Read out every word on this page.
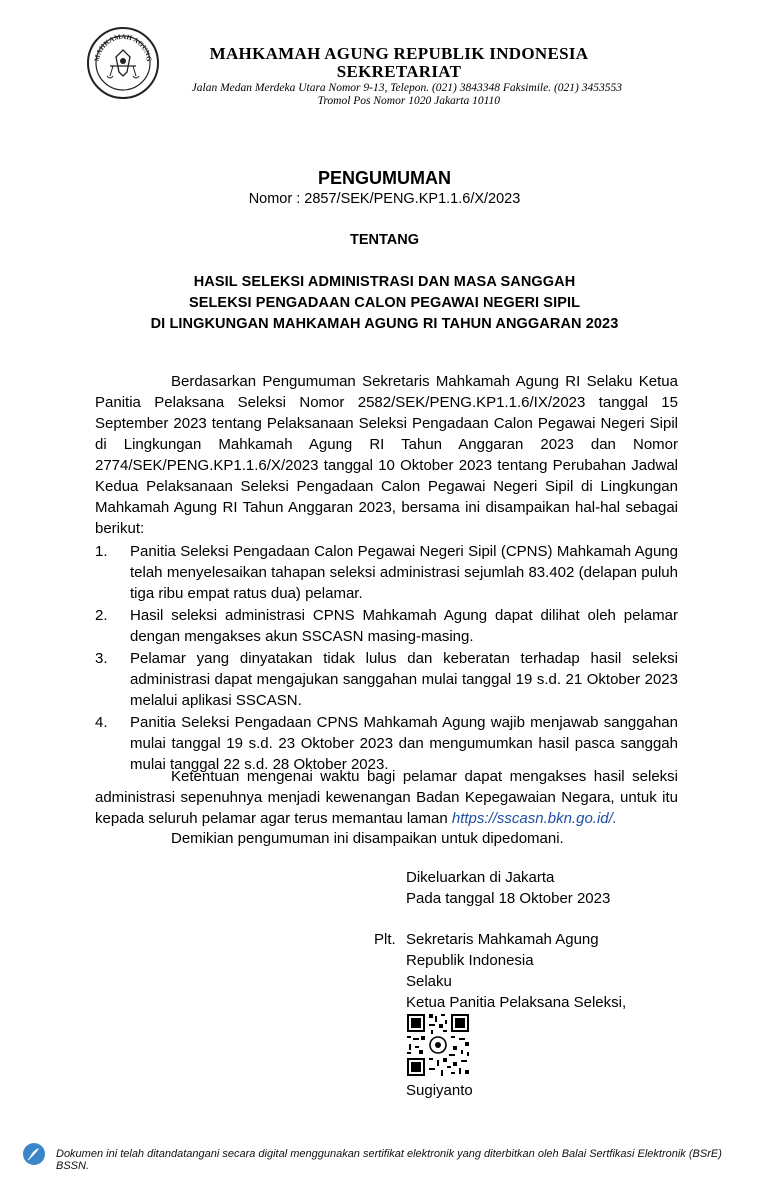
MAHKAMAH AGUNG	MAHKAMAH AGUNG REPUBLIK INDONESIA
SEKRETARIAT
Jalan Medan Merdeka Utara Nomor 9-13, Telepon. (021) 3843348 Faksimile. (021) 3453553
Tromol Pos Nomor 1020 Jakarta 10110
PENGUMUMAN
Nomor : 2857/SEK/PENG.KP1.1.6/X/2023
TENTANG
HASIL SELEKSI ADMINISTRASI DAN MASA SANGGAH
SELEKSI PENGADAAN CALON PEGAWAI NEGERI SIPIL
DI LINGKUNGAN MAHKAMAH AGUNG RI TAHUN ANGGARAN 2023
Berdasarkan Pengumuman Sekretaris Mahkamah Agung RI Selaku Ketua Panitia Pelaksana Seleksi Nomor 2582/SEK/PENG.KP1.1.6/IX/2023 tanggal 15 September 2023 tentang Pelaksanaan Seleksi Pengadaan Calon Pegawai Negeri Sipil di Lingkungan Mahkamah Agung RI Tahun Anggaran 2023 dan Nomor 2774/SEK/PENG.KP1.1.6/X/2023 tanggal 10 Oktober 2023 tentang Perubahan Jadwal Kedua Pelaksanaan Seleksi Pengadaan Calon Pegawai Negeri Sipil di Lingkungan Mahkamah Agung RI Tahun Anggaran 2023, bersama ini disampaikan hal-hal sebagai berikut:
1. Panitia Seleksi Pengadaan Calon Pegawai Negeri Sipil (CPNS) Mahkamah Agung telah menyelesaikan tahapan seleksi administrasi sejumlah 83.402 (delapan puluh tiga ribu empat ratus dua) pelamar.
2. Hasil seleksi administrasi CPNS Mahkamah Agung dapat dilihat oleh pelamar dengan mengakses akun SSCASN masing-masing.
3. Pelamar yang dinyatakan tidak lulus dan keberatan terhadap hasil seleksi administrasi dapat mengajukan sanggahan mulai tanggal 19 s.d. 21 Oktober 2023 melalui aplikasi SSCASN.
4. Panitia Seleksi Pengadaan CPNS Mahkamah Agung wajib menjawab sanggahan mulai tanggal 19 s.d. 23 Oktober 2023 dan mengumumkan hasil pasca sanggah mulai tanggal 22 s.d. 28 Oktober 2023.
Ketentuan mengenai waktu bagi pelamar dapat mengakses hasil seleksi administrasi sepenuhnya menjadi kewenangan Badan Kepegawaian Negara, untuk itu kepada seluruh pelamar agar terus memantau laman https://sscasn.bkn.go.id/.
Demikian pengumuman ini disampaikan untuk dipedomani.
Dikeluarkan di Jakarta
Pada tanggal 18 Oktober 2023
Plt. Sekretaris Mahkamah Agung
Republik Indonesia
Selaku
Ketua Panitia Pelaksana Seleksi,
Sugiyanto
Dokumen ini telah ditandatangani secara digital menggunakan sertifikat elektronik yang diterbitkan oleh Balai Sertfikasi Elektronik (BSrE) BSSN.
